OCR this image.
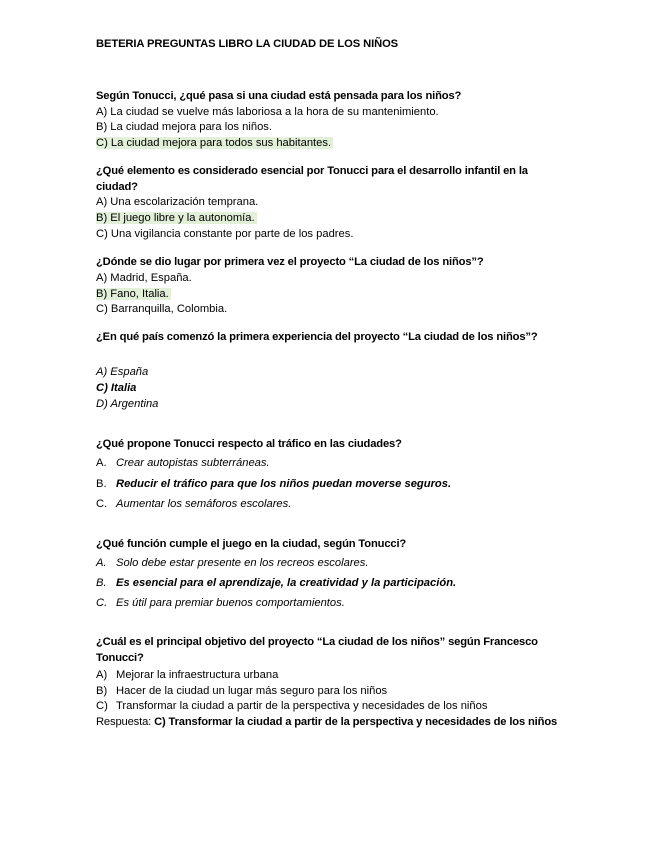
BETERIA PREGUNTAS LIBRO LA CIUDAD DE LOS NIÑOS
Según Tonucci, ¿qué pasa si una ciudad está pensada para los niños?
A) La ciudad se vuelve más laboriosa a la hora de su mantenimiento.
B) La ciudad mejora para los niños.
C) La ciudad mejora para todos sus habitantes.
¿Qué elemento es considerado esencial por Tonucci para el desarrollo infantil en la ciudad?
A) Una escolarización temprana.
B) El juego libre y la autonomía.
C) Una vigilancia constante por parte de los padres.
¿Dónde se dio lugar por primera vez el proyecto “La ciudad de los niños”?
A) Madrid, España.
B) Fano, Italia.
C) Barranquilla, Colombia.
¿En qué país comenzó la primera experiencia del proyecto “La ciudad de los niños”?
A) España
C) Italia
D) Argentina
¿Qué propone Tonucci respecto al tráfico en las ciudades?
A. Crear autopistas subterráneas.
B. Reducir el tráfico para que los niños puedan moverse seguros.
C. Aumentar los semáforos escolares.
¿Qué función cumple el juego en la ciudad, según Tonucci?
A. Solo debe estar presente en los recreos escolares.
B. Es esencial para el aprendizaje, la creatividad y la participación.
C. Es útil para premiar buenos comportamientos.
¿Cuál es el principal objetivo del proyecto “La ciudad de los niños” según Francesco Tonucci?
A) Mejorar la infraestructura urbana
B) Hacer de la ciudad un lugar más seguro para los niños
C) Transformar la ciudad a partir de la perspectiva y necesidades de los niños
Respuesta: C) Transformar la ciudad a partir de la perspectiva y necesidades de los niños
